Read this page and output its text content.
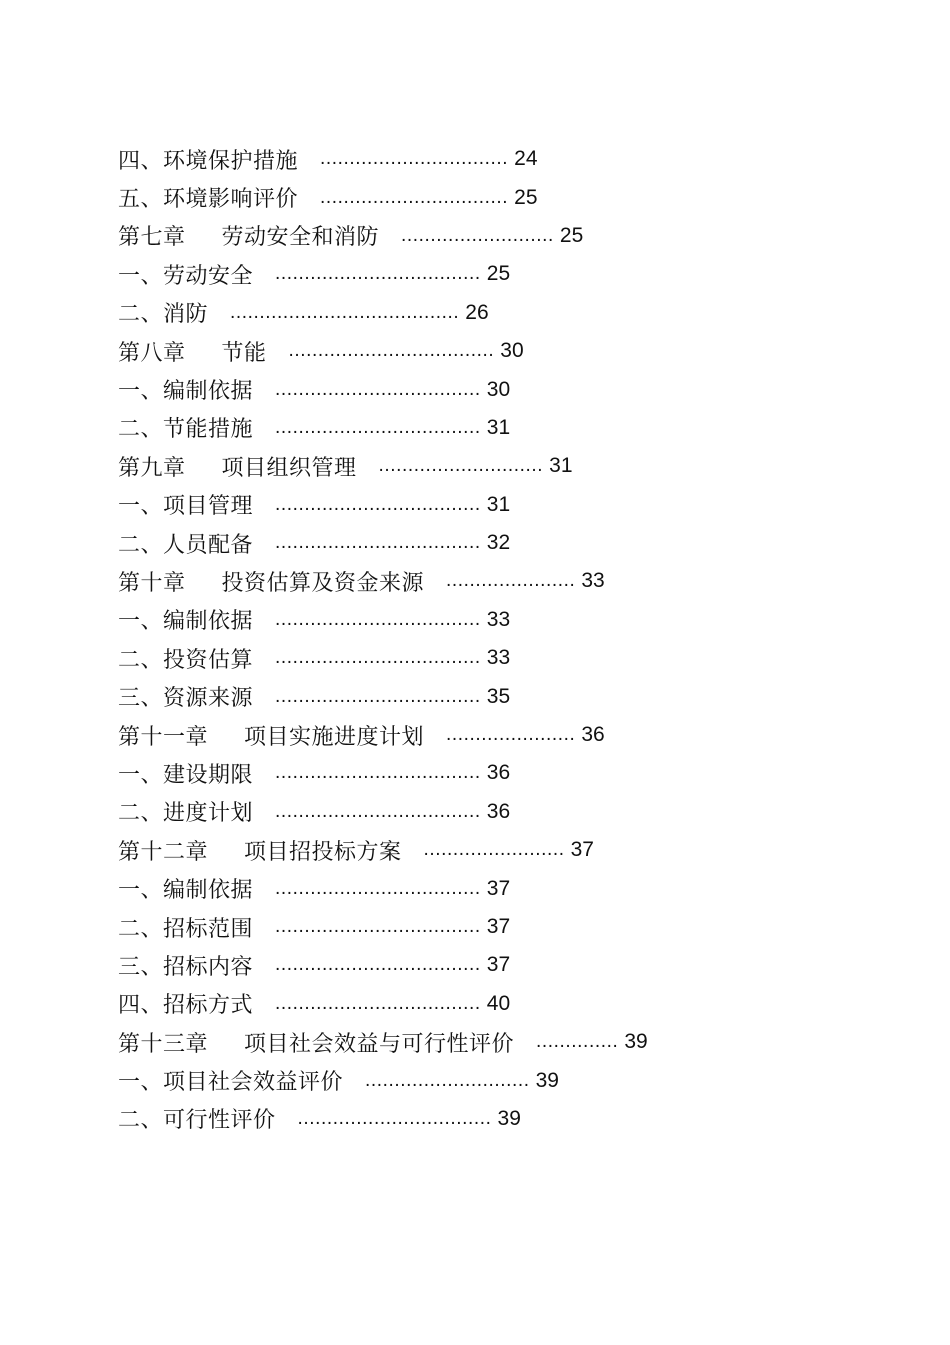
四、环境保护措施 ................................ 24
五、环境影响评价 ................................ 25
第七章 劳动安全和消防 .......................... 25
一、劳动安全 ................................... 25
二、消防 ....................................... 26
第八章 节能 ................................... 30
一、编制依据 ................................... 30
二、节能措施 ................................... 31
第九章 项目组织管理 ............................ 31
一、项目管理 ................................... 31
二、人员配备 ................................... 32
第十章 投资估算及资金来源 ...................... 33
一、编制依据 ................................... 33
二、投资估算 ................................... 33
三、资源来源 ................................... 35
第十一章 项目实施进度计划 ...................... 36
一、建设期限 ................................... 36
二、进度计划 ................................... 36
第十二章 项目招投标方案 ........................ 37
一、编制依据 ................................... 37
二、招标范围 ................................... 37
三、招标内容 ................................... 37
四、招标方式 ................................... 40
第十三章 项目社会效益与可行性评价 .............. 39
一、项目社会效益评价 ............................ 39
二、可行性评价 ................................. 39
